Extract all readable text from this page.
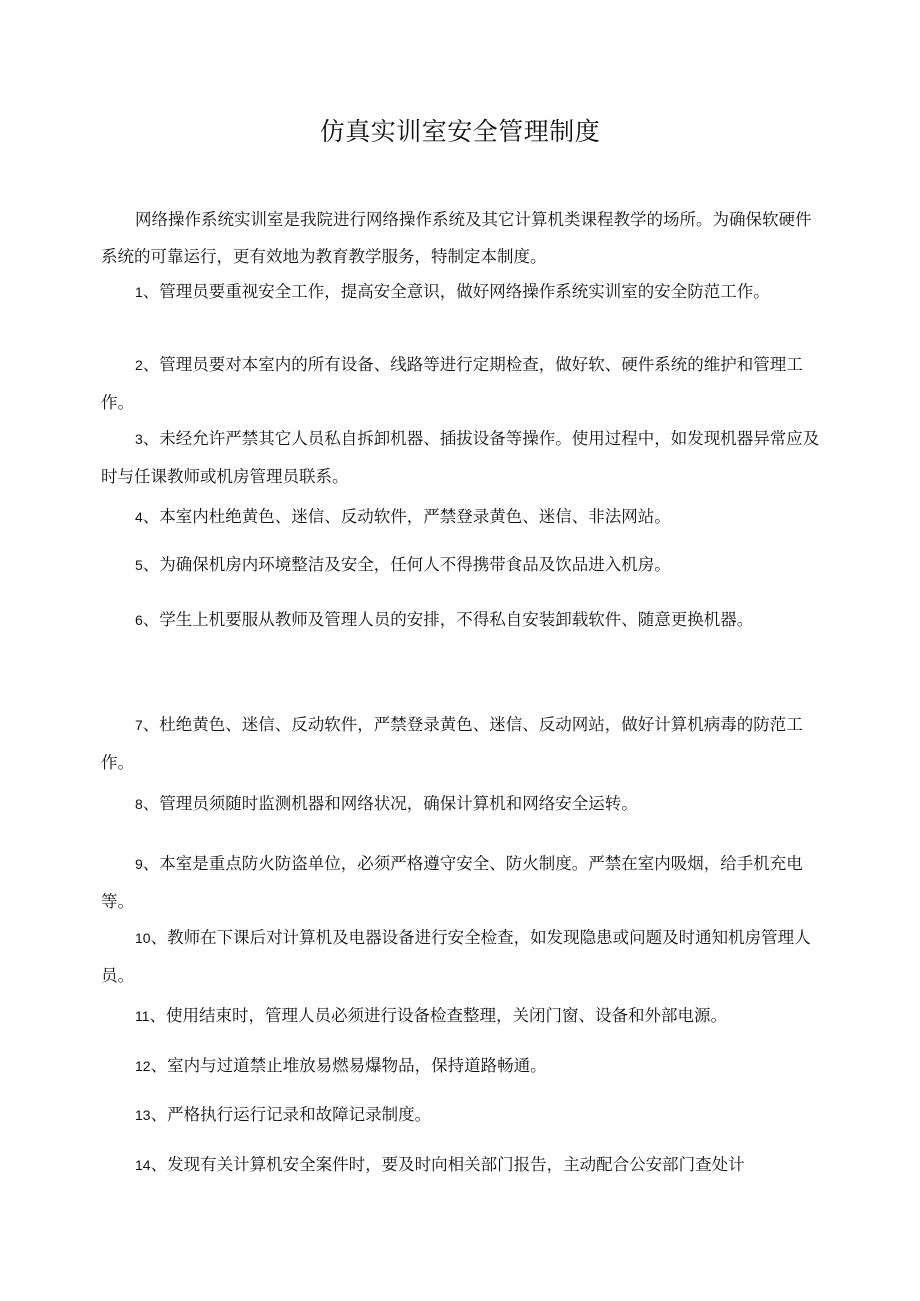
仿真实训室安全管理制度

网络操作系统实训室是我院进行网络操作系统及其它计算机类课程教学的场所。为确保软硬件系统的可靠运行，更有效地为教育教学服务，特制定本制度。

1、管理员要重视安全工作，提高安全意识，做好网络操作系统实训室的安全防范工作。

2、管理员要对本室内的所有设备、线路等进行定期检查，做好软、硬件系统的维护和管理工作。

3、未经允许严禁其它人员私自拆卸机器、插拔设备等操作。使用过程中，如发现机器异常应及时与任课教师或机房管理员联系。

4、本室内杜绝黄色、迷信、反动软件，严禁登录黄色、迷信、非法网站。

5、为确保机房内环境整洁及安全，任何人不得携带食品及饮品进入机房。

6、学生上机要服从教师及管理人员的安排，不得私自安装卸载软件、随意更换机器。

7、杜绝黄色、迷信、反动软件，严禁登录黄色、迷信、反动网站，做好计算机病毒的防范工作。

8、管理员须随时监测机器和网络状况，确保计算机和网络安全运转。

9、本室是重点防火防盗单位，必须严格遵守安全、防火制度。严禁在室内吸烟，给手机充电等。

10、教师在下课后对计算机及电器设备进行安全检查，如发现隐患或问题及时通知机房管理人员。

11、使用结束时，管理人员必须进行设备检查整理，关闭门窗、设备和外部电源。

12、室内与过道禁止堆放易燃易爆物品，保持道路畅通。

13、严格执行运行记录和故障记录制度。

14、发现有关计算机安全案件时，要及时向相关部门报告，主动配合公安部门查处计
